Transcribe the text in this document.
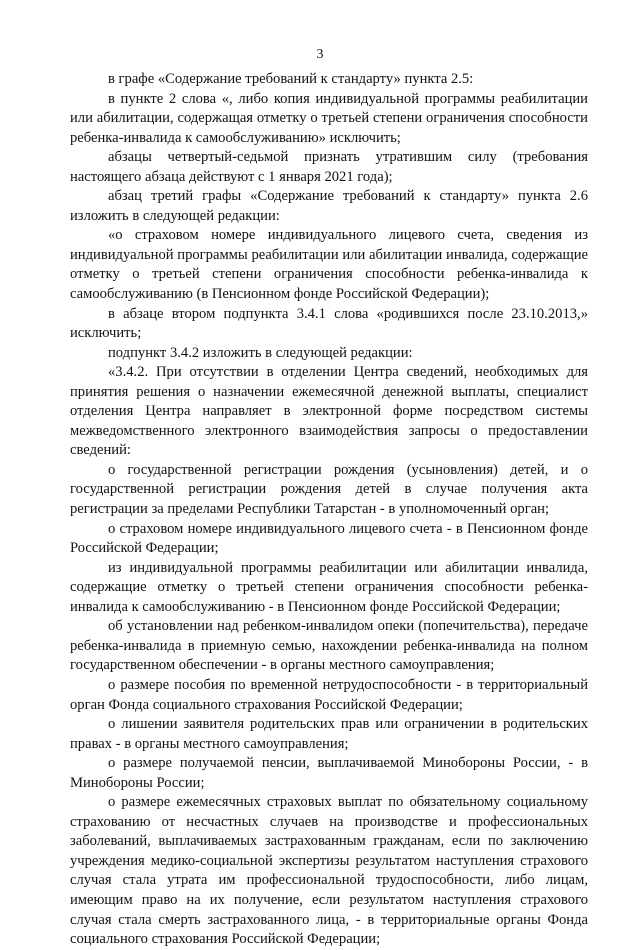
3

в графе «Содержание требований к стандарту» пункта 2.5:

в пункте 2 слова «, либо копия индивидуальной программы реабилитации или абилитации, содержащая отметку о третьей степени ограничения способности ребенка-инвалида к самообслуживанию» исключить;

абзацы четвертый-седьмой признать утратившим силу (требования настоящего абзаца действуют с 1 января 2021 года);

абзац третий графы «Содержание требований к стандарту» пункта 2.6 изложить в следующей редакции:

«о страховом номере индивидуального лицевого счета, сведения из индивидуальной программы реабилитации или абилитации инвалида, содержащие отметку о третьей степени ограничения способности ребенка-инвалида к самообслуживанию (в Пенсионном фонде Российской Федерации);

в абзаце втором подпункта 3.4.1 слова «родившихся после 23.10.2013,» исключить;

подпункт 3.4.2 изложить в следующей редакции:

«3.4.2. При отсутствии в отделении Центра сведений, необходимых для принятия решения о назначении ежемесячной денежной выплаты, специалист отделения Центра направляет в электронной форме посредством системы межведомственного электронного взаимодействия запросы о предоставлении сведений:

о государственной регистрации рождения (усыновления) детей, и о государственной регистрации рождения детей в случае получения акта регистрации за пределами Республики Татарстан - в уполномоченный орган;

о страховом номере индивидуального лицевого счета - в Пенсионном фонде Российской Федерации;

из индивидуальной программы реабилитации или абилитации инвалида, содержащие отметку о третьей степени ограничения способности ребенка-инвалида к самообслуживанию - в Пенсионном фонде Российской Федерации;

об установлении над ребенком-инвалидом опеки (попечительства), передаче ребенка-инвалида в приемную семью, нахождении ребенка-инвалида на полном государственном обеспечении - в органы местного самоуправления;

о размере пособия по временной нетрудоспособности - в территориальный орган Фонда социального страхования Российской Федерации;

о лишении заявителя родительских прав или ограничении в родительских правах - в органы местного самоуправления;

о размере получаемой пенсии, выплачиваемой Минобороны России, - в Минобороны России;

о размере ежемесячных страховых выплат по обязательному социальному страхованию от несчастных случаев на производстве и профессиональных заболеваний, выплачиваемых застрахованным гражданам, если по заключению учреждения медико-социальной экспертизы результатом наступления страхового случая стала утрата им профессиональной трудоспособности, либо лицам, имеющим право на их получение, если результатом наступления страхового случая стала смерть застрахованного лица, - в территориальные органы Фонда социального страхования Российской Федерации;
